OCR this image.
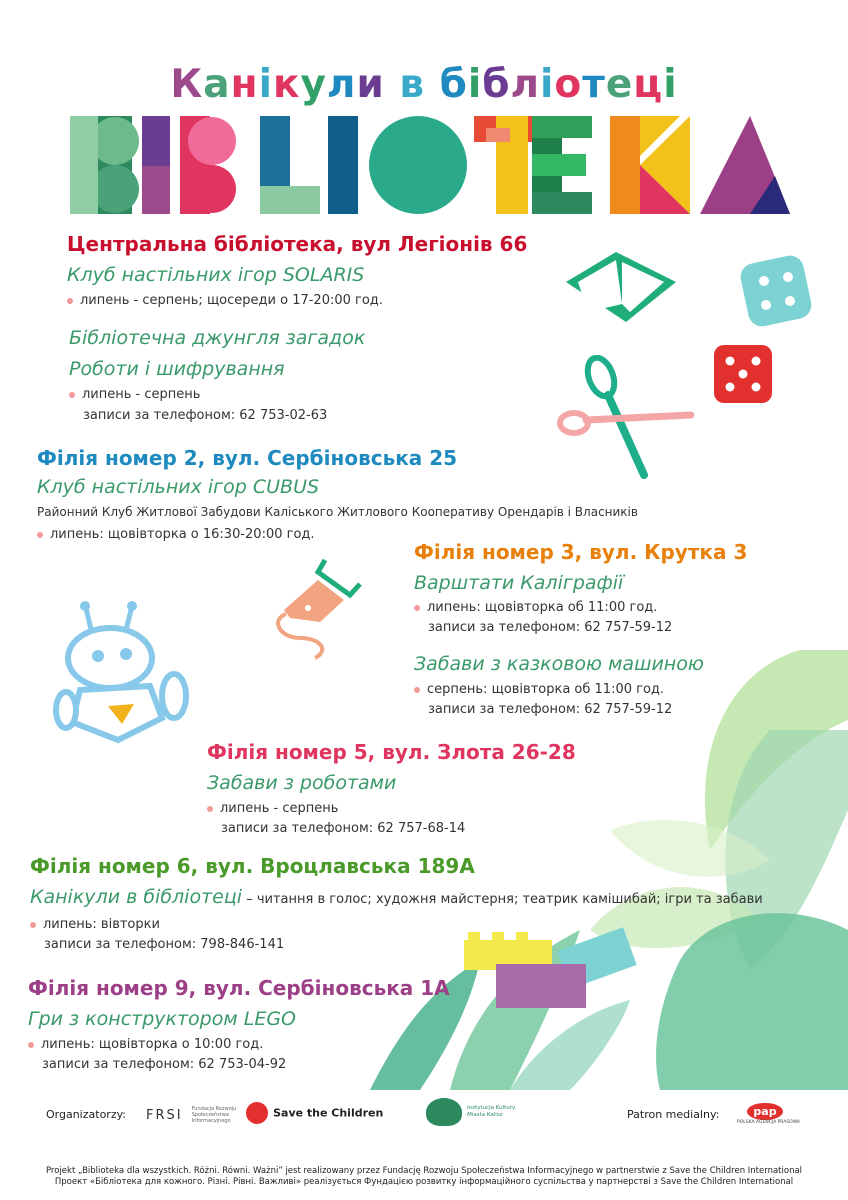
Канікули в бібліотеці
Центральна бібліотека, вул Легіонів 66
Клуб настільних ігор SOLARIS
липень - серпень; щосереди о 17-20:00 год.
Бібліотечна джунгля загадок
Роботи і шифрування
липень - серпень
записи за телефоном: 62 753-02-63
Філія номер 2, вул. Сербіновська 25
Клуб настільних ігор CUBUS
Районний Клуб Житлової Забудови Каліського Житлового Кооперативу Орендарів і Власників
липень: щовівторка о 16:30-20:00 год.
Філія номер 3, вул. Крутка 3
Варштати Каліграфії
липень: щовівторка об 11:00 год.
записи за телефоном: 62 757-59-12
Забави з казковою машиною
серпень: щовівторка об 11:00 год.
записи за телефоном: 62 757-59-12
Філія номер 5, вул. Злота 26-28
Забави з роботами
липень - серпень
записи за телефоном: 62 757-68-14
Філія номер 6, вул. Вроцлавська 189А
Канікули в бібліотеці – читання в голос; художня майстерня; театрик камішибай; ігри та забави
липень: вівторки
записи за телефоном: 798-846-141
Філія номер 9, вул. Сербіновська 1А
Гри з конструктором LEGO
липень: щовівторка о 10:00 год.
записи за телефоном: 62 753-04-92
Organizatorzy: FRSI Fundacja Rozwoju Społeczeństwa Informacyjnego
Save the Children	Instytucja Kultury Miasta Kalisz	Patron medialny:	pap
POLSKA AGENCJA PRASOWA
Projekt „Biblioteka dla wszystkich. Różni. Równi. Ważni” jest realizowany przez Fundację Rozwoju Społeczeństwa Informacyjnego w partnerstwie z Save the Children International
Проект «Бібліотека для кожного. Різні. Рівні. Важливі» реалізується Фундацією розвитку інформаційного суспільства у партнерстві з Save the Children International
